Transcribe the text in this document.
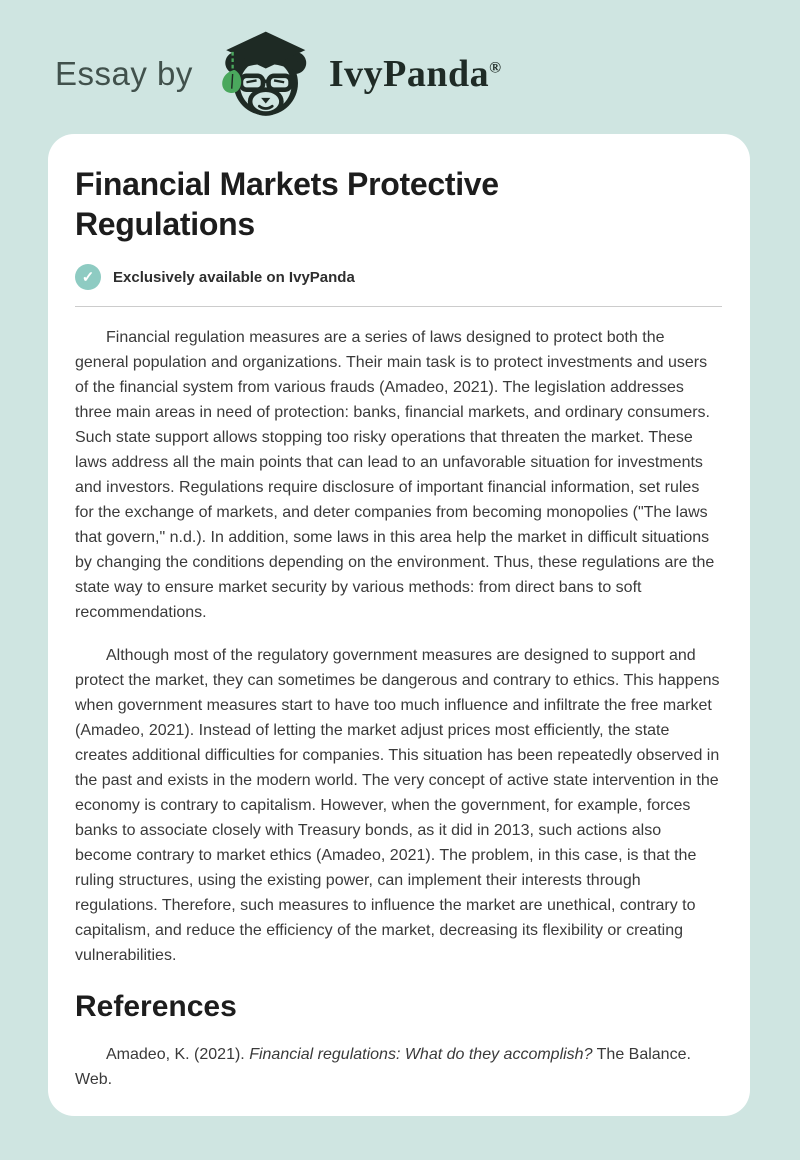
Essay by	IvyPanda®
Financial Markets Protective Regulations
✓	Exclusively available on IvyPanda

Financial regulation measures are a series of laws designed to protect both the general population and organizations. Their main task is to protect investments and users of the financial system from various frauds (Amadeo, 2021). The legislation addresses three main areas in need of protection: banks, financial markets, and ordinary consumers. Such state support allows stopping too risky operations that threaten the market. These laws address all the main points that can lead to an unfavorable situation for investments and investors. Regulations require disclosure of important financial information, set rules for the exchange of markets, and deter companies from becoming monopolies ("The laws that govern," n.d.). In addition, some laws in this area help the market in difficult situations by changing the conditions depending on the environment. Thus, these regulations are the state way to ensure market security by various methods: from direct bans to soft recommendations.

Although most of the regulatory government measures are designed to support and protect the market, they can sometimes be dangerous and contrary to ethics. This happens when government measures start to have too much influence and infiltrate the free market (Amadeo, 2021). Instead of letting the market adjust prices most efficiently, the state creates additional difficulties for companies. This situation has been repeatedly observed in the past and exists in the modern world. The very concept of active state intervention in the economy is contrary to capitalism. However, when the government, for example, forces banks to associate closely with Treasury bonds, as it did in 2013, such actions also become contrary to market ethics (Amadeo, 2021). The problem, in this case, is that the ruling structures, using the existing power, can implement their interests through regulations. Therefore, such measures to influence the market are unethical, contrary to capitalism, and reduce the efficiency of the market, decreasing its flexibility or creating vulnerabilities.

References

Amadeo, K. (2021). Financial regulations: What do they accomplish? The Balance. Web.
